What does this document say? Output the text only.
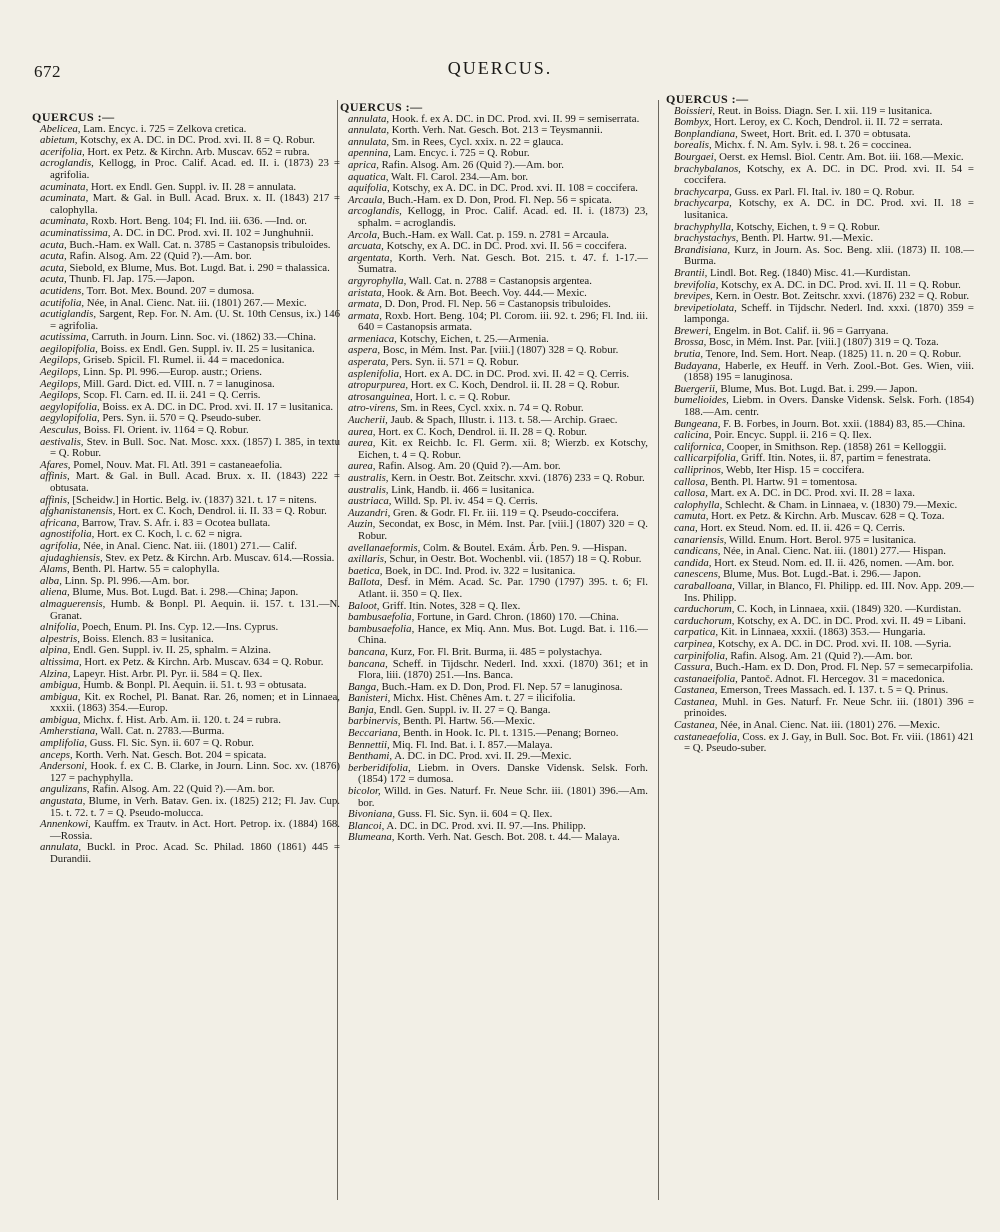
672	QUERCUS.
QUERCUS :—

Abelicea, Lam. Encyc. i. 725 = Zelkova cretica.

abietum, Kotschy, ex A. DC. in DC. Prod. xvi. II. 8 = Q. Robur.

acerifolia, Hort. ex Petz. & Kirchn. Arb. Muscav. 652 = rubra.

acroglandis, Kellogg, in Proc. Calif. Acad. ed. II. i. (1873) 23 = agrifolia.

acuminata, Hort. ex Endl. Gen. Suppl. iv. II. 28 = annulata.

acuminata, Mart. & Gal. in Bull. Acad. Brux. x. II. (1843) 217 = calophylla.

acuminata, Roxb. Hort. Beng. 104; Fl. Ind. iii. 636. —Ind. or.

acuminatissima, A. DC. in DC. Prod. xvi. II. 102 = Junghuhnii.

acuta, Buch.-Ham. ex Wall. Cat. n. 3785 = Castanopsis tribuloides.

acuta, Rafin. Alsog. Am. 22 (Quid ?).—Am. bor.

acuta, Siebold, ex Blume, Mus. Bot. Lugd. Bat. i. 290 = thalassica.

acuta, Thunb. Fl. Jap. 175.—Japon.

acutidens, Torr. Bot. Mex. Bound. 207 = dumosa.

acutifolia, Née, in Anal. Cienc. Nat. iii. (1801) 267.— Mexic.

acutiglandis, Sargent, Rep. For. N. Am. (U. St. 10th Census, ix.) 146 = agrifolia.

acutissima, Carruth. in Journ. Linn. Soc. vi. (1862) 33.—China.

aegilopifolia, Boiss. ex Endl. Gen. Suppl. iv. II. 25 = lusitanica.

Aegilops, Griseb. Spicil. Fl. Rumel. ii. 44 = macedonica.

Aegilops, Linn. Sp. Pl. 996.—Europ. austr.; Oriens.

Aegilops, Mill. Gard. Dict. ed. VIII. n. 7 = lanuginosa.

Aegilops, Scop. Fl. Carn. ed. II. ii. 241 = Q. Cerris.

aegylopifolia, Boiss. ex A. DC. in DC. Prod. xvi. II. 17 = lusitanica.

aegylopifolia, Pers. Syn. ii. 570 = Q. Pseudo-suber.

Aesculus, Boiss. Fl. Orient. iv. 1164 = Q. Robur.

aestivalis, Stev. in Bull. Soc. Nat. Mosc. xxx. (1857) I. 385, in textu = Q. Robur.

Afares, Pomel, Nouv. Mat. Fl. Atl. 391 = castaneaefolia.

affinis, Mart. & Gal. in Bull. Acad. Brux. x. II. (1843) 222 = obtusata.

affinis, [Scheidw.] in Hortic. Belg. iv. (1837) 321. t. 17 = nitens.

afghanistanensis, Hort. ex C. Koch, Dendrol. ii. II. 33 = Q. Robur.

africana, Barrow, Trav. S. Afr. i. 83 = Ocotea bullata.

agnostifolia, Hort. ex C. Koch, l. c. 62 = nigra.

agrifolia, Née, in Anal. Cienc. Nat. iii. (1801) 271.— Calif.

ajudaghiensis, Stev. ex Petz. & Kirchn. Arb. Muscav. 614.—Rossia.

Alams, Benth. Pl. Hartw. 55 = calophylla.

alba, Linn. Sp. Pl. 996.—Am. bor.

aliena, Blume, Mus. Bot. Lugd. Bat. i. 298.—China; Japon.

almaguerensis, Humb. & Bonpl. Pl. Aequin. ii. 157. t. 131.—N. Granat.

alnifolia, Poech, Enum. Pl. Ins. Cyp. 12.—Ins. Cyprus.

alpestris, Boiss. Elench. 83 = lusitanica.

alpina, Endl. Gen. Suppl. iv. II. 25, sphalm. = Alzina.

altissima, Hort. ex Petz. & Kirchn. Arb. Muscav. 634 = Q. Robur.

Alzina, Lapeyr. Hist. Arbr. Pl. Pyr. ii. 584 = Q. Ilex.

ambigua, Humb. & Bonpl. Pl. Aequin. ii. 51. t. 93 = obtusata.

ambigua, Kit. ex Rochel, Pl. Banat. Rar. 26, nomen; et in Linnaea, xxxii. (1863) 354.—Europ.

ambigua, Michx. f. Hist. Arb. Am. ii. 120. t. 24 = rubra.

Amherstiana, Wall. Cat. n. 2783.—Burma.

amplifolia, Guss. Fl. Sic. Syn. ii. 607 = Q. Robur.

anceps, Korth. Verh. Nat. Gesch. Bot. 204 = spicata.

Andersoni, Hook. f. ex C. B. Clarke, in Journ. Linn. Soc. xv. (1876) 127 = pachyphylla.

angulizans, Rafin. Alsog. Am. 22 (Quid ?).—Am. bor.

angustata, Blume, in Verh. Batav. Gen. ix. (1825) 212; Fl. Jav. Cup. 15. t. 72. t. 7 = Q. Pseudo-molucca.

Annenkowi, Kauffm. ex Trautv. in Act. Hort. Petrop. ix. (1884) 168.—Rossia.

annulata, Buckl. in Proc. Acad. Sc. Philad. 1860 (1861) 445 = Durandii.

QUERCUS :—

annulata, Hook. f. ex A. DC. in DC. Prod. xvi. II. 99 = semiserrata.

annulata, Korth. Verh. Nat. Gesch. Bot. 213 = Teysmannii.

annulata, Sm. in Rees, Cycl. xxix. n. 22 = glauca.

apennina, Lam. Encyc. i. 725 = Q. Robur.

aprica, Rafin. Alsog. Am. 26 (Quid ?).—Am. bor.

aquatica, Walt. Fl. Carol. 234.—Am. bor.

aquifolia, Kotschy, ex A. DC. in DC. Prod. xvi. II. 108 = coccifera.

Arcaula, Buch.-Ham. ex D. Don, Prod. Fl. Nep. 56 = spicata.

arcoglandis, Kellogg, in Proc. Calif. Acad. ed. II. i. (1873) 23, sphalm. = acroglandis.

Arcola, Buch.-Ham. ex Wall. Cat. p. 159. n. 2781 = Arcaula.

arcuata, Kotschy, ex A. DC. in DC. Prod. xvi. II. 56 = coccifera.

argentata, Korth. Verh. Nat. Gesch. Bot. 215. t. 47. f. 1-17.—Sumatra.

argyrophylla, Wall. Cat. n. 2788 = Castanopsis argentea.

aristata, Hook. & Arn. Bot. Beech. Voy. 444.— Mexic.

armata, D. Don, Prod. Fl. Nep. 56 = Castanopsis tribuloides.

armata, Roxb. Hort. Beng. 104; Pl. Corom. iii. 92. t. 296; Fl. Ind. iii. 640 = Castanopsis armata.

armeniaca, Kotschy, Eichen, t. 25.—Armenia.

aspera, Bosc, in Mém. Inst. Par. [viii.] (1807) 328 = Q. Robur.

asperata, Pers. Syn. ii. 571 = Q. Robur.

asplenifolia, Hort. ex A. DC. in DC. Prod. xvi. II. 42 = Q. Cerris.

atropurpurea, Hort. ex C. Koch, Dendrol. ii. II. 28 = Q. Robur.

atrosanguinea, Hort. l. c. = Q. Robur.

atro-virens, Sm. in Rees, Cycl. xxix. n. 74 = Q. Robur.

Aucherii, Jaub. & Spach, Illustr. i. 113. t. 58.— Archip. Graec.

aurea, Hort. ex C. Koch, Dendrol. ii. II. 28 = Q. Robur.

aurea, Kit. ex Reichb. Ic. Fl. Germ. xii. 8; Wierzb. ex Kotschy, Eichen, t. 4 = Q. Robur.

aurea, Rafin. Alsog. Am. 20 (Quid ?).—Am. bor.

australis, Kern. in Oestr. Bot. Zeitschr. xxvi. (1876) 233 = Q. Robur.

australis, Link, Handb. ii. 466 = lusitanica.

austriaca, Willd. Sp. Pl. iv. 454 = Q. Cerris.

Auzandri, Gren. & Godr. Fl. Fr. iii. 119 = Q. Pseudo-coccifera.

Auzin, Secondat, ex Bosc, in Mém. Inst. Par. [viii.] (1807) 320 = Q. Robur.

avellanaeformis, Colm. & Boutel. Exám. Árb. Pen. 9. —Hispan.

axillaris, Schur, in Oestr. Bot. Wochenbl. vii. (1857) 18 = Q. Robur.

baetica, Boek, in DC. Ind. Prod. iv. 322 = lusitanica.

Ballota, Desf. in Mém. Acad. Sc. Par. 1790 (1797) 395. t. 6; Fl. Atlant. ii. 350 = Q. Ilex.

Baloot, Griff. Itin. Notes, 328 = Q. Ilex.

bambusaefolia, Fortune, in Gard. Chron. (1860) 170. —China.

bambusaefolia, Hance, ex Miq. Ann. Mus. Bot. Lugd. Bat. i. 116.—China.

bancana, Kurz, For. Fl. Brit. Burma, ii. 485 = polystachya.

bancana, Scheff. in Tijdschr. Nederl. Ind. xxxi. (1870) 361; et in Flora, liii. (1870) 251.—Ins. Banca.

Banga, Buch.-Ham. ex D. Don, Prod. Fl. Nep. 57 = lanuginosa.

Banisteri, Michx. Hist. Chênes Am. t. 27 = ilicifolia.

Banja, Endl. Gen. Suppl. iv. II. 27 = Q. Banga.

barbinervis, Benth. Pl. Hartw. 56.—Mexic.

Beccariana, Benth. in Hook. Ic. Pl. t. 1315.—Penang; Borneo.

Bennettii, Miq. Fl. Ind. Bat. i. I. 857.—Malaya.

Benthami, A. DC. in DC. Prod. xvi. II. 29.—Mexic.

berberidifolia, Liebm. in Overs. Danske Vidensk. Selsk. Forh. (1854) 172 = dumosa.

bicolor, Willd. in Ges. Naturf. Fr. Neue Schr. iii. (1801) 396.—Am. bor.

Bivoniana, Guss. Fl. Sic. Syn. ii. 604 = Q. Ilex.

Blancoi, A. DC. in DC. Prod. xvi. II. 97.—Ins. Philipp.

Blumeana, Korth. Verh. Nat. Gesch. Bot. 208. t. 44.— Malaya.

QUERCUS :—

Boissieri, Reut. in Boiss. Diagn. Ser. I. xii. 119 = lusitanica.

Bombyx, Hort. Leroy, ex C. Koch, Dendrol. ii. II. 72 = serrata.

Bonplandiana, Sweet, Hort. Brit. ed. I. 370 = obtusata.

borealis, Michx. f. N. Am. Sylv. i. 98. t. 26 = coccinea.

Bourgaei, Oerst. ex Hemsl. Biol. Centr. Am. Bot. iii. 168.—Mexic.

brachybalanos, Kotschy, ex A. DC. in DC. Prod. xvi. II. 54 = coccifera.

brachycarpa, Guss. ex Parl. Fl. Ital. iv. 180 = Q. Robur.

brachycarpa, Kotschy, ex A. DC. in DC. Prod. xvi. II. 18 = lusitanica.

brachyphylla, Kotschy, Eichen, t. 9 = Q. Robur.

brachystachys, Benth. Pl. Hartw. 91.—Mexic.

Brandisiana, Kurz, in Journ. As. Soc. Beng. xlii. (1873) II. 108.—Burma.

Brantii, Lindl. Bot. Reg. (1840) Misc. 41.—Kurdistan.

brevifolia, Kotschy, ex A. DC. in DC. Prod. xvi. II. 11 = Q. Robur.

brevipes, Kern. in Oestr. Bot. Zeitschr. xxvi. (1876) 232 = Q. Robur.

brevipetiolata, Scheff. in Tijdschr. Nederl. Ind. xxxi. (1870) 359 = lamponga.

Breweri, Engelm. in Bot. Calif. ii. 96 = Garryana.

Brossa, Bosc, in Mém. Inst. Par. [viii.] (1807) 319 = Q. Toza.

brutia, Tenore, Ind. Sem. Hort. Neap. (1825) 11. n. 20 = Q. Robur.

Budayana, Haberle, ex Heuff. in Verh. Zool.-Bot. Ges. Wien, viii. (1858) 195 = lanuginosa.

Buergerii, Blume, Mus. Bot. Lugd. Bat. i. 299.— Japon.

bumelioides, Liebm. in Overs. Danske Vidensk. Selsk. Forh. (1854) 188.—Am. centr.

Bungeana, F. B. Forbes, in Journ. Bot. xxii. (1884) 83, 85.—China.

calicina, Poir. Encyc. Suppl. ii. 216 = Q. Ilex.

californica, Cooper, in Smithson. Rep. (1858) 261 = Kelloggii.

callicarpifolia, Griff. Itin. Notes, ii. 87, partim = fenestrata.

calliprinos, Webb, Iter Hisp. 15 = coccifera.

callosa, Benth. Pl. Hartw. 91 = tomentosa.

callosa, Mart. ex A. DC. in DC. Prod. xvi. II. 28 = laxa.

calophylla, Schlecht. & Cham. in Linnaea, v. (1830) 79.—Mexic.

camuta, Hort. ex Petz. & Kirchn. Arb. Muscav. 628 = Q. Toza.

cana, Hort. ex Steud. Nom. ed. II. ii. 426 = Q. Cerris.

canariensis, Willd. Enum. Hort. Berol. 975 = lusitanica.

candicans, Née, in Anal. Cienc. Nat. iii. (1801) 277.— Hispan.

candida, Hort. ex Steud. Nom. ed. II. ii. 426, nomen. —Am. bor.

canescens, Blume, Mus. Bot. Lugd.-Bat. i. 296.— Japon.

caraballoana, Villar, in Blanco, Fl. Philipp. ed. III. Nov. App. 209.—Ins. Philipp.

carduchorum, C. Koch, in Linnaea, xxii. (1849) 320. —Kurdistan.

carduchorum, Kotschy, ex A. DC. in DC. Prod. xvi. II. 49 = Libani.

carpatica, Kit. in Linnaea, xxxii. (1863) 353.— Hungaria.

carpinea, Kotschy, ex A. DC. in DC. Prod. xvi. II. 108. —Syria.

carpinifolia, Rafin. Alsog. Am. 21 (Quid ?).—Am. bor.

Cassura, Buch.-Ham. ex D. Don, Prod. Fl. Nep. 57 = semecarpifolia.

castanaeifolia, Pantoč. Adnot. Fl. Hercegov. 31 = macedonica.

Castanea, Emerson, Trees Massach. ed. I. 137. t. 5 = Q. Prinus.

Castanea, Muhl. in Ges. Naturf. Fr. Neue Schr. iii. (1801) 396 = prinoides.

Castanea, Née, in Anal. Cienc. Nat. iii. (1801) 276. —Mexic.

castaneaefolia, Coss. ex J. Gay, in Bull. Soc. Bot. Fr. viii. (1861) 421 = Q. Pseudo-suber.
